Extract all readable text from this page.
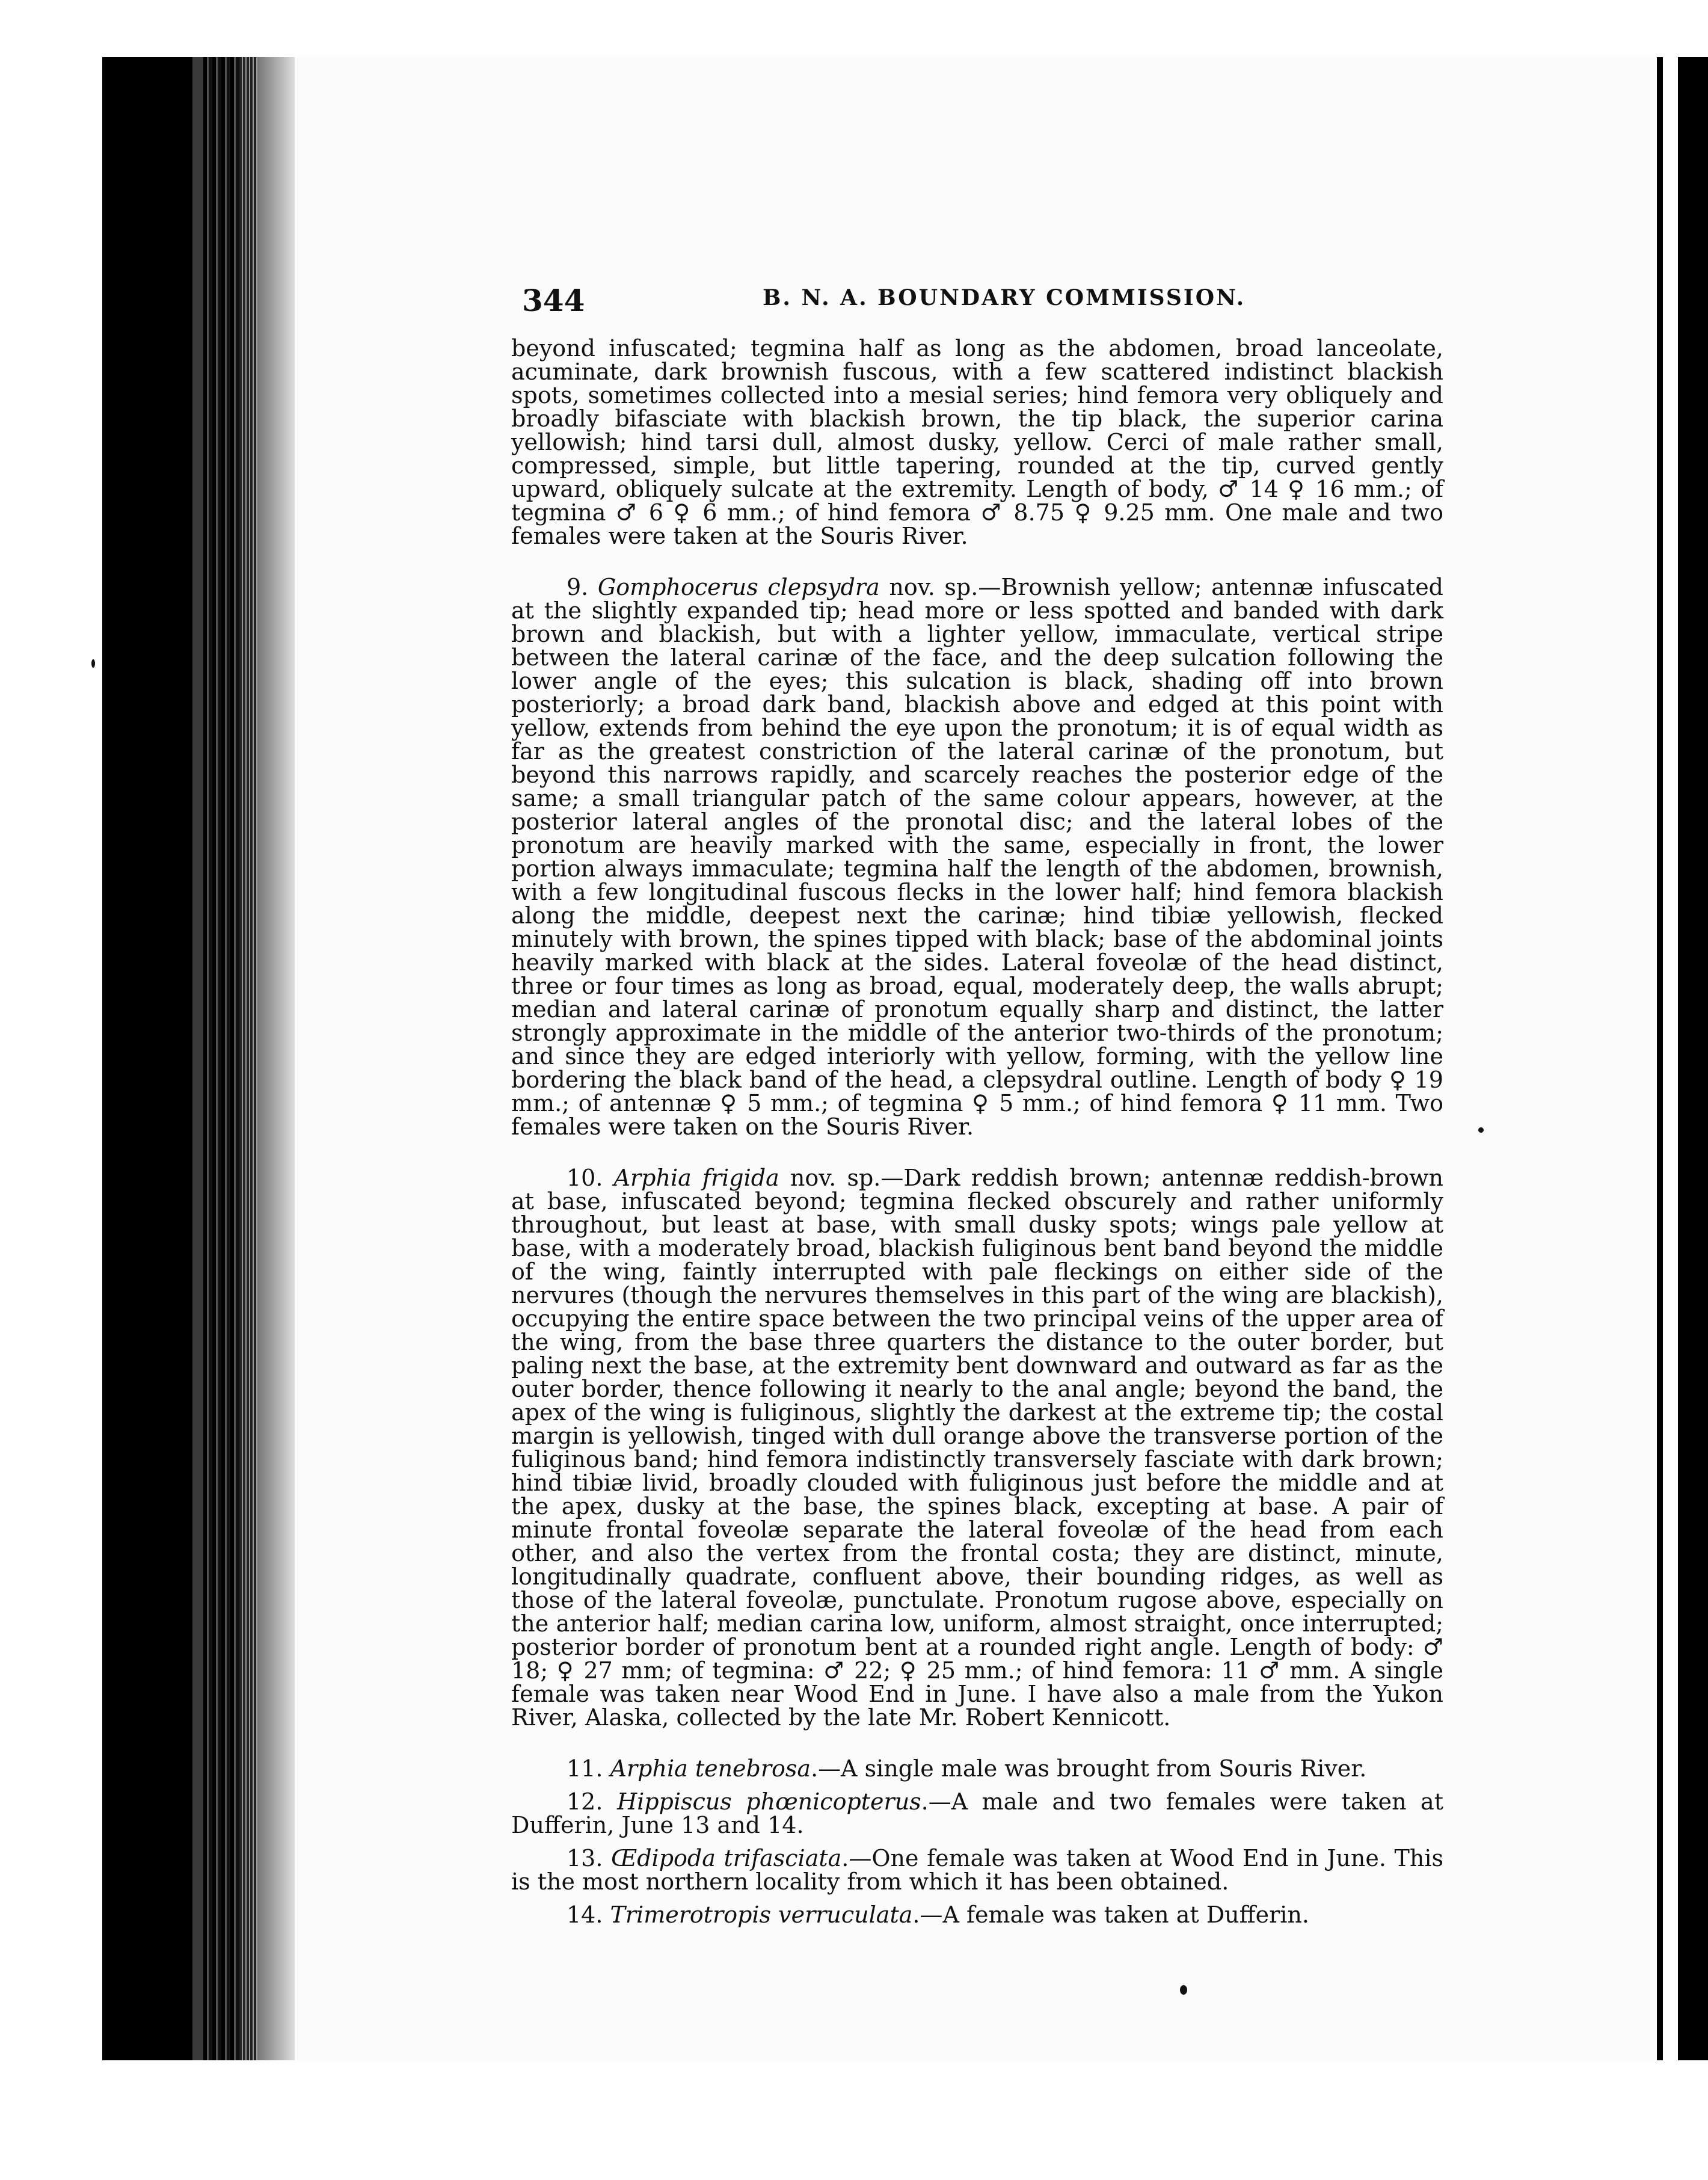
344	B. N. A. BOUNDARY COMMISSION.

beyond infuscated; tegmina half as long as the abdomen, broad lanceolate, acuminate, dark brownish fuscous, with a few scattered indistinct blackish spots, sometimes collected into a mesial series; hind femora very obliquely and broadly bifasciate with blackish brown, the tip black, the superior carina yellowish; hind tarsi dull, almost dusky, yellow. Cerci of male rather small, compressed, simple, but little tapering, rounded at the tip, curved gently upward, obliquely sulcate at the extremity. Length of body, ♂ 14 ♀ 16 mm.; of tegmina ♂ 6 ♀ 6 mm.; of hind femora ♂ 8.75 ♀ 9.25 mm. One male and two females were taken at the Souris River.

9. Gomphocerus clepsydra nov. sp.—Brownish yellow; antennæ infuscated at the slightly expanded tip; head more or less spotted and banded with dark brown and blackish, but with a lighter yellow, immaculate, vertical stripe between the lateral carinæ of the face, and the deep sulcation following the lower angle of the eyes; this sulcation is black, shading off into brown posteriorly; a broad dark band, blackish above and edged at this point with yellow, extends from behind the eye upon the pronotum; it is of equal width as far as the greatest constriction of the lateral carinæ of the pronotum, but beyond this narrows rapidly, and scarcely reaches the posterior edge of the same; a small triangular patch of the same colour appears, however, at the posterior lateral angles of the pronotal disc; and the lateral lobes of the pronotum are heavily marked with the same, especially in front, the lower portion always immaculate; tegmina half the length of the abdomen, brownish, with a few longitudinal fuscous flecks in the lower half; hind femora blackish along the middle, deepest next the carinæ; hind tibiæ yellowish, flecked minutely with brown, the spines tipped with black; base of the abdominal joints heavily marked with black at the sides. Lateral foveolæ of the head distinct, three or four times as long as broad, equal, moderately deep, the walls abrupt; median and lateral carinæ of pronotum equally sharp and distinct, the latter strongly approximate in the middle of the anterior two-thirds of the pronotum; and since they are edged interiorly with yellow, forming, with the yellow line bordering the black band of the head, a clepsydral outline. Length of body ♀ 19 mm.; of antennæ ♀ 5 mm.; of tegmina ♀ 5 mm.; of hind femora ♀ 11 mm. Two females were taken on the Souris River.

10. Arphia frigida nov. sp.—Dark reddish brown; antennæ reddish-brown at base, infuscated beyond; tegmina flecked obscurely and rather uniformly throughout, but least at base, with small dusky spots; wings pale yellow at base, with a moderately broad, blackish fuliginous bent band beyond the middle of the wing, faintly interrupted with pale fleckings on either side of the nervures (though the nervures themselves in this part of the wing are blackish), occupying the entire space between the two principal veins of the upper area of the wing, from the base three quarters the distance to the outer border, but paling next the base, at the extremity bent downward and outward as far as the outer border, thence following it nearly to the anal angle; beyond the band, the apex of the wing is fuliginous, slightly the darkest at the extreme tip; the costal margin is yellowish, tinged with dull orange above the transverse portion of the fuliginous band; hind femora indistinctly transversely fasciate with dark brown; hind tibiæ livid, broadly clouded with fuliginous just before the middle and at the apex, dusky at the base, the spines black, excepting at base. A pair of minute frontal foveolæ separate the lateral foveolæ of the head from each other, and also the vertex from the frontal costa; they are distinct, minute, longitudinally quadrate, confluent above, their bounding ridges, as well as those of the lateral foveolæ, punctulate. Pronotum rugose above, especially on the anterior half; median carina low, uniform, almost straight, once interrupted; posterior border of pronotum bent at a rounded right angle. Length of body: ♂ 18; ♀ 27 mm; of tegmina: ♂ 22; ♀ 25 mm.; of hind femora: 11 ♂ mm. A single female was taken near Wood End in June. I have also a male from the Yukon River, Alaska, collected by the late Mr. Robert Kennicott.

11. Arphia tenebrosa.—A single male was brought from Souris River.

12. Hippiscus phœnicopterus.—A male and two females were taken at Dufferin, June 13 and 14.

13. Œdipoda trifasciata.—One female was taken at Wood End in June. This is the most northern locality from which it has been obtained.

14. Trimerotropis verruculata.—A female was taken at Dufferin.
